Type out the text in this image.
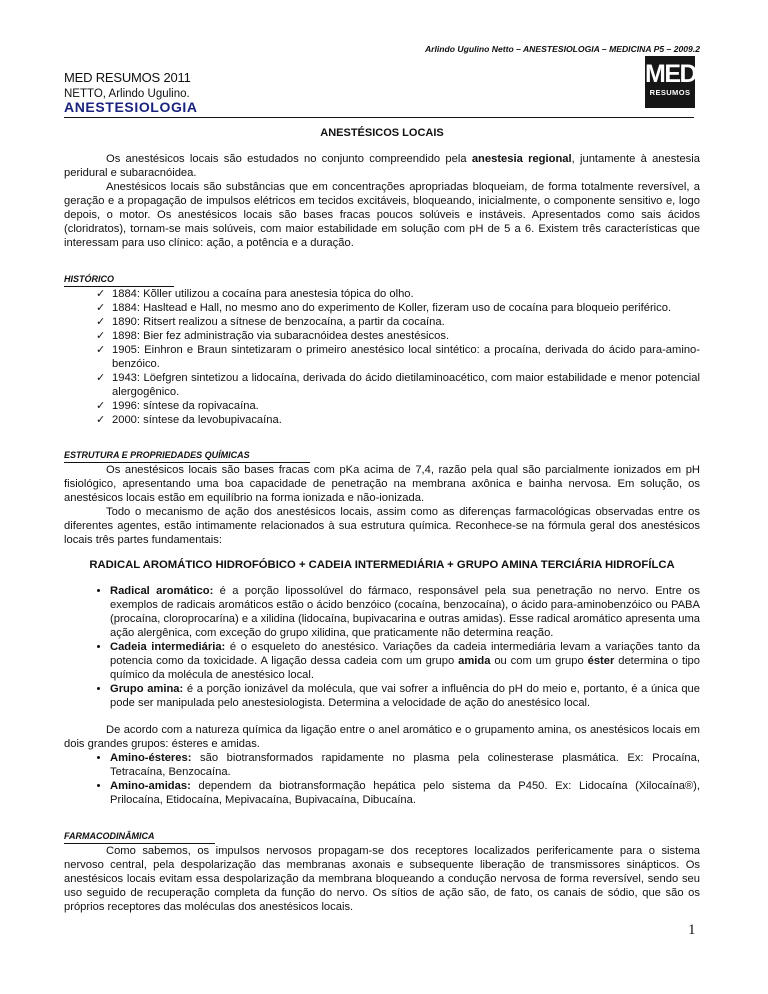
Arlindo Ugulino Netto – ANESTESIOLOGIA – MEDICINA P5 – 2009.2
MED RESUMOS 2011
NETTO, Arlindo Ugulino.
ANESTESIOLOGIA
MED
RESUMOS
ANESTÉSICOS LOCAIS

Os anestésicos locais são estudados no conjunto compreendido pela anestesia regional, juntamente à anestesia peridural e subaracnóidea.

Anestésicos locais são substâncias que em concentrações apropriadas bloqueiam, de forma totalmente reversível, a geração e a propagação de impulsos elétricos em tecidos excitáveis, bloqueando, inicialmente, o componente sensitivo e, logo depois, o motor. Os anestésicos locais são bases fracas poucos solúveis e instáveis. Apresentados como sais ácidos (cloridratos), tornam-se mais solúveis, com maior estabilidade em solução com pH de 5 a 6. Existem três características que interessam para uso clínico: ação, a potência e a duração.

HISTÓRICO
✓ 1884: Kõller utilizou a cocaína para anestesia tópica do olho.
✓ 1884: Hasltead e Hall, no mesmo ano do experimento de Koller, fizeram uso de cocaína para bloqueio periférico.
✓ 1890: Ritsert realizou a sítnese de benzocaína, a partir da cocaína.
✓ 1898: Bier fez administração via subaracnóidea destes anestésicos.
✓ 1905: Einhron e Braun sintetizaram o primeiro anestésico local sintético: a procaína, derivada do ácido para-amino-benzóico.
✓ 1943: Löefgren sintetizou a lidocaína, derivada do ácido dietilaminoacético, com maior estabilidade e menor potencial alergogênico.
✓ 1996: síntese da ropivacaína.
✓ 2000: síntese da levobupivacaína.
ESTRUTURA E PROPRIEDADES QUÍMICAS

Os anestésicos locais são bases fracas com pKa acima de 7,4, razão pela qual são parcialmente ionizados em pH fisiológico, apresentando uma boa capacidade de penetração na membrana axônica e bainha nervosa. Em solução, os anestésicos locais estão em equilíbrio na forma ionizada e não-ionizada.

Todo o mecanismo de ação dos anestésicos locais, assim como as diferenças farmacológicas observadas entre os diferentes agentes, estão intimamente relacionados à sua estrutura química. Reconhece-se na fórmula geral dos anestésicos locais três partes fundamentais:

RADICAL AROMÁTICO HIDROFÓBICO + CADEIA INTERMEDIÁRIA + GRUPO AMINA TERCIÁRIA HIDROFÍLCA
• Radical aromático: é a porção lipossolúvel do fármaco, responsável pela sua penetração no nervo. Entre os exemplos de radicais aromáticos estão o ácido benzóico (cocaína, benzocaína), o ácido para-aminobenzóico ou PABA (procaína, cloroprocarína) e a xilidina (lidocaína, bupivacarina e outras amidas). Esse radical aromático apresenta uma ação alergênica, com exceção do grupo xilidina, que praticamente não determina reação.
• Cadeia intermediária: é o esqueleto do anestésico. Variações da cadeia intermediária levam a variações tanto da potencia como da toxicidade. A ligação dessa cadeia com um grupo amida ou com um grupo éster determina o tipo químico da molécula de anestésico local.
• Grupo amina: é a porção ionizável da molécula, que vai sofrer a influência do pH do meio e, portanto, é a única que pode ser manipulada pelo anestesiologista. Determina a velocidade de ação do anestésico local.

De acordo com a natureza química da ligação entre o anel aromático e o grupamento amina, os anestésicos locais em dois grandes grupos: ésteres e amidas.

• Amino-ésteres: são biotransformados rapidamente no plasma pela colinesterase plasmática. Ex: Procaína, Tetracaína, Benzocaína.
• Amino-amidas: dependem da biotransformação hepática pelo sistema da P450. Ex: Lidocaína (Xilocaína®), Prilocaína, Etidocaína, Mepivacaína, Bupivacaína, Dibucaína.
FARMACODINÂMICA

Como sabemos, os impulsos nervosos propagam-se dos receptores localizados perifericamente para o sistema nervoso central, pela despolarização das membranas axonais e subsequente liberação de transmissores sinápticos. Os anestésicos locais evitam essa despolarização da membrana bloqueando a condução nervosa de forma reversível, sendo seu uso seguido de recuperação completa da função do nervo. Os sítios de ação são, de fato, os canais de sódio, que são os próprios receptores das moléculas dos anestésicos locais.

1
